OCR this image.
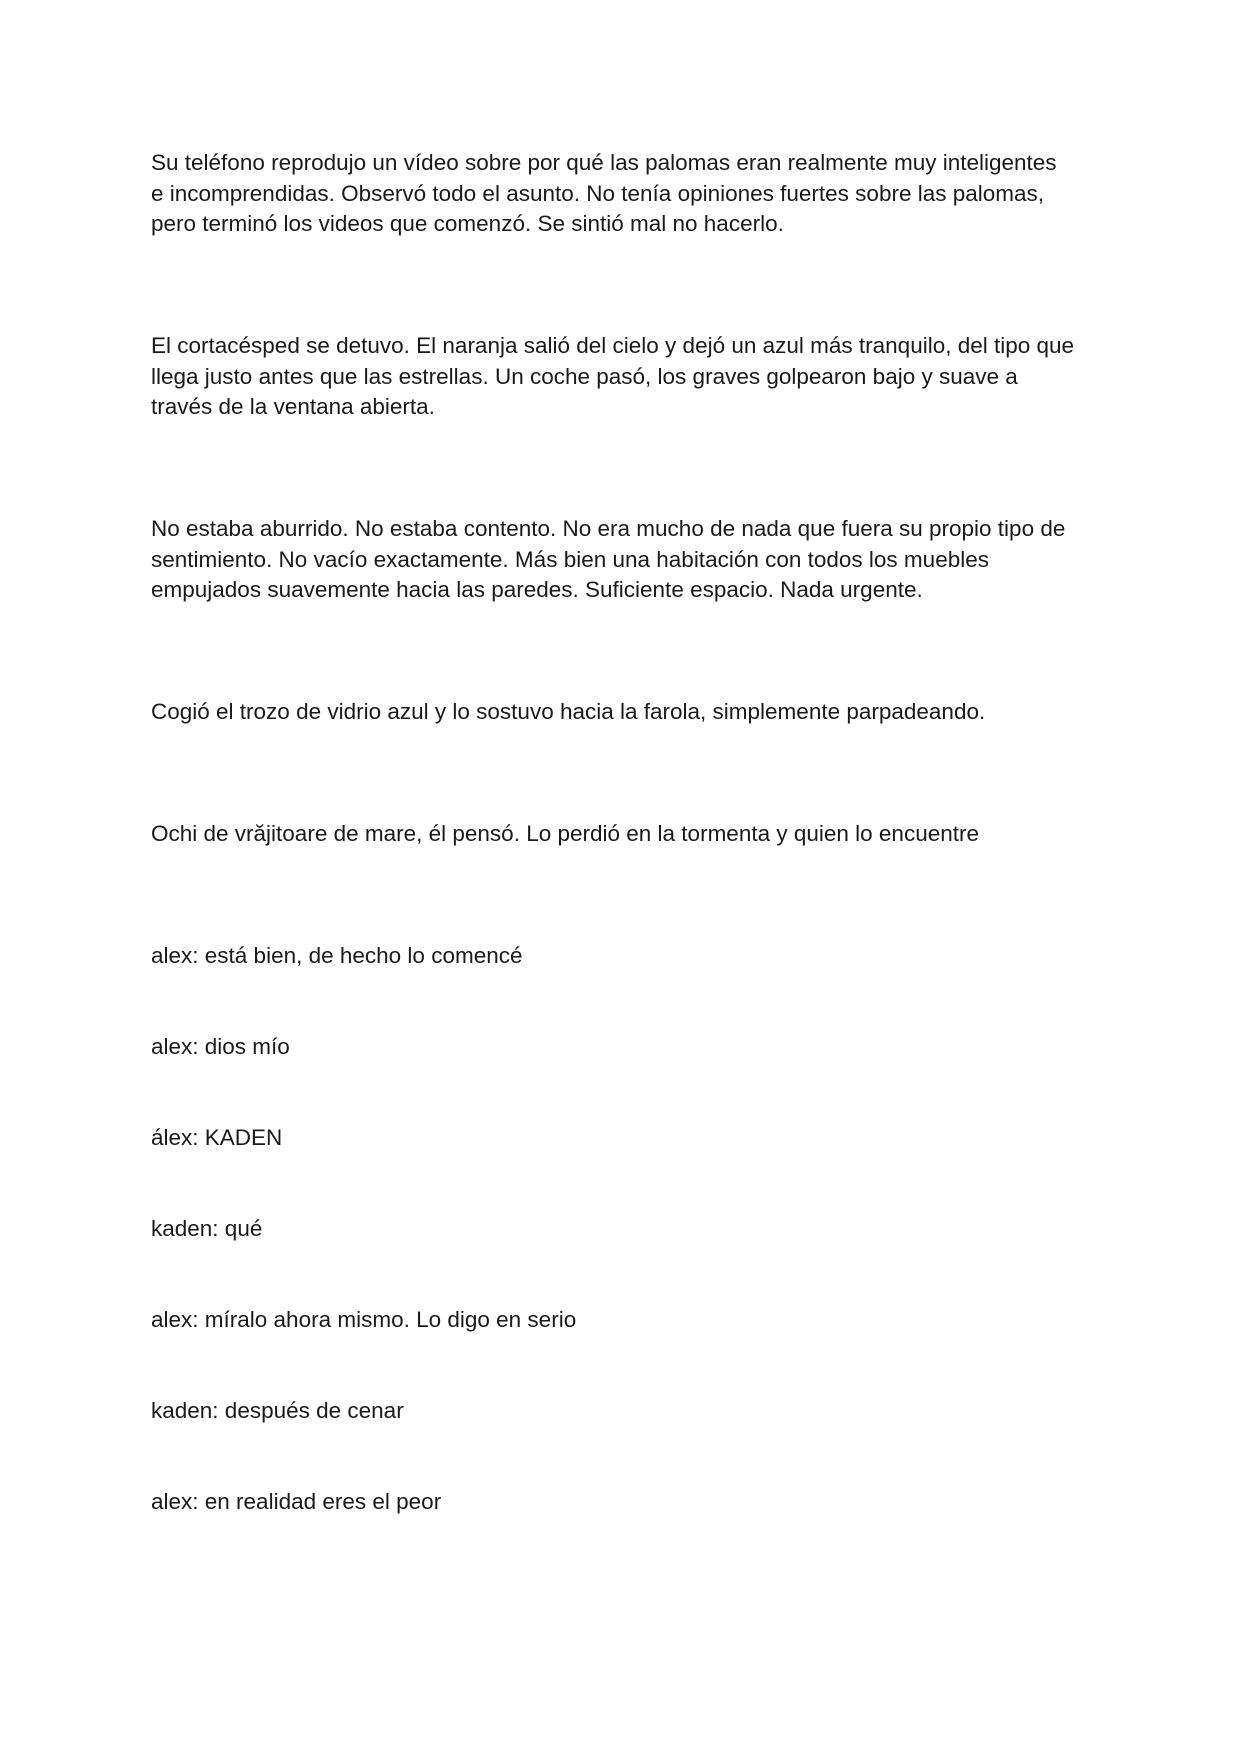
Su teléfono reprodujo un vídeo sobre por qué las palomas eran realmente muy inteligentes
e incomprendidas. Observó todo el asunto. No tenía opiniones fuertes sobre las palomas,
pero terminó los videos que comenzó. Se sintió mal no hacerlo.

El cortacésped se detuvo. El naranja salió del cielo y dejó un azul más tranquilo, del tipo que
llega justo antes que las estrellas. Un coche pasó, los graves golpearon bajo y suave a
través de la ventana abierta.

No estaba aburrido. No estaba contento. No era mucho de nada que fuera su propio tipo de
sentimiento. No vacío exactamente. Más bien una habitación con todos los muebles
empujados suavemente hacia las paredes. Suficiente espacio. Nada urgente.

Cogió el trozo de vidrio azul y lo sostuvo hacia la farola, simplemente parpadeando.

Ochi de vrăjitoare de mare, él pensó. Lo perdió en la tormenta y quien lo encuentre

alex: está bien, de hecho lo comencé

alex: dios mío

álex: KADEN

kaden: qué

alex: míralo ahora mismo. Lo digo en serio

kaden: después de cenar

alex: en realidad eres el peor
